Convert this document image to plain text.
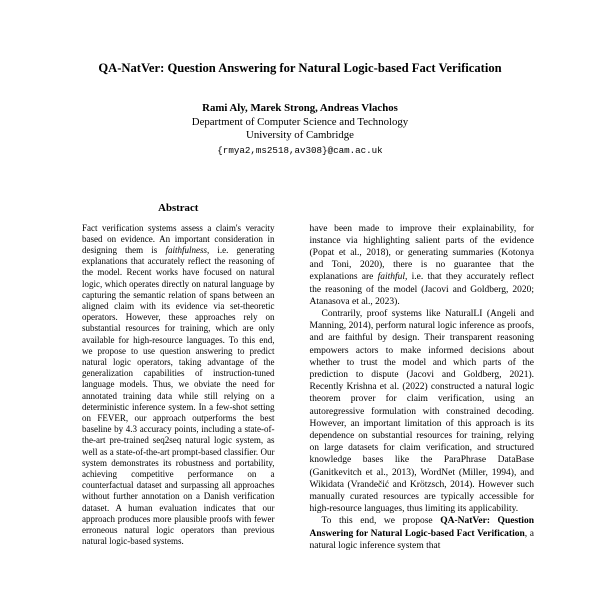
QA-NatVer: Question Answering for Natural Logic-based Fact Verification
Rami Aly, Marek Strong, Andreas Vlachos
Department of Computer Science and Technology
University of Cambridge
{rmya2,ms2518,av308}@cam.ac.uk
Abstract

Fact verification systems assess a claim's veracity based on evidence. An important consideration in designing them is faithfulness, i.e. generating explanations that accurately reflect the reasoning of the model. Recent works have focused on natural logic, which operates directly on natural language by capturing the semantic relation of spans between an aligned claim with its evidence via set-theoretic operators. However, these approaches rely on substantial resources for training, which are only available for high-resource languages. To this end, we propose to use question answering to predict natural logic operators, taking advantage of the generalization capabilities of instruction-tuned language models. Thus, we obviate the need for annotated training data while still relying on a deterministic inference system. In a few-shot setting on FEVER, our approach outperforms the best baseline by 4.3 accuracy points, including a state-of-the-art pre-trained seq2seq natural logic system, as well as a state-of-the-art prompt-based classifier. Our system demonstrates its robustness and portability, achieving competitive performance on a counterfactual dataset and surpassing all approaches without further annotation on a Danish verification dataset. A human evaluation indicates that our approach produces more plausible proofs with fewer erroneous natural logic operators than previous natural logic-based systems.

have been made to improve their explainability, for instance via highlighting salient parts of the evidence (Popat et al., 2018), or generating summaries (Kotonya and Toni, 2020), there is no guarantee that the explanations are faithful, i.e. that they accurately reflect the reasoning of the model (Jacovi and Goldberg, 2020; Atanasova et al., 2023).

Contrarily, proof systems like NaturalLI (Angeli and Manning, 2014), perform natural logic inference as proofs, and are faithful by design. Their transparent reasoning empowers actors to make informed decisions about whether to trust the model and which parts of the prediction to dispute (Jacovi and Goldberg, 2021). Recently Krishna et al. (2022) constructed a natural logic theorem prover for claim verification, using an autoregressive formulation with constrained decoding. However, an important limitation of this approach is its dependence on substantial resources for training, relying on large datasets for claim verification, and structured knowledge bases like the ParaPhrase DataBase (Ganitkevitch et al., 2013), WordNet (Miller, 1994), and Wikidata (Vrandečić and Krötzsch, 2014). However such manually curated resources are typically accessible for high-resource languages, thus limiting its applicability.

To this end, we propose QA-NatVer: Question Answering for Natural Logic-based Fact Verification, a natural logic inference system that
